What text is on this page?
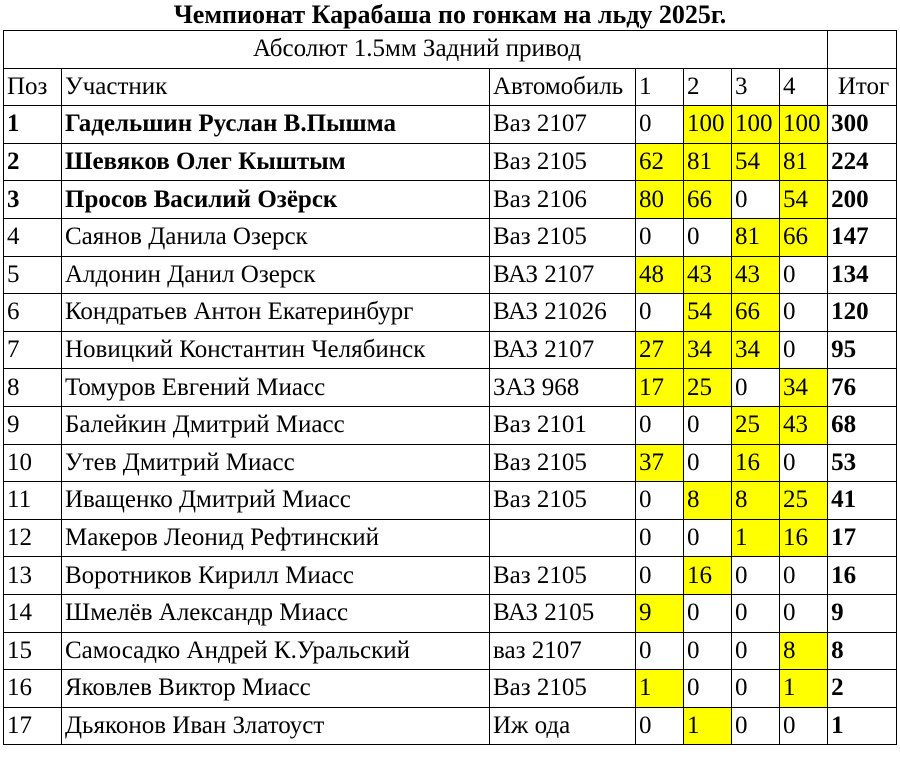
Чемпионат Карабаша по гонкам на льду 2025г.
Абсолют 1.5мм Задний привод							
Поз	Участник	Автомобиль	1	2	3	4	Итог
1	Гадельшин Руслан В.Пышма	Ваз 2107	0	100	100	100	300
2	Шевяков Олег Кыштым	Ваз 2105	62	81	54	81	224
3	Просов Василий Озёрск	Ваз 2106	80	66	0	54	200
4	Саянов Данила Озерск	Ваз 2105	0	0	81	66	147
5	Алдонин Данил Озерск	ВАЗ 2107	48	43	43	0	134
6	Кондратьев Антон Екатеринбург	ВАЗ 21026	0	54	66	0	120
7	Новицкий Константин Челябинск	ВАЗ 2107	27	34	34	0	95
8	Томуров Евгений Миасс	ЗАЗ 968	17	25	0	34	76
9	Балейкин Дмитрий Миасс	Ваз 2101	0	0	25	43	68
10	Утев Дмитрий Миасс	Ваз 2105	37	0	16	0	53
11	Иващенко Дмитрий Миасс	Ваз 2105	0	8	8	25	41
12	Макеров Леонид Рефтинский		0	0	1	16	17
13	Воротников Кирилл Миасс	Ваз 2105	0	16	0	0	16
14	Шмелёв Александр Миасс	ВАЗ 2105	9	0	0	0	9
15	Самосадко Андрей К.Уральский	ваз 2107	0	0	0	8	8
16	Яковлев Виктор Миасс	Ваз 2105	1	0	0	1	2
17	Дьяконов Иван Златоуст	Иж ода	0	1	0	0	1
